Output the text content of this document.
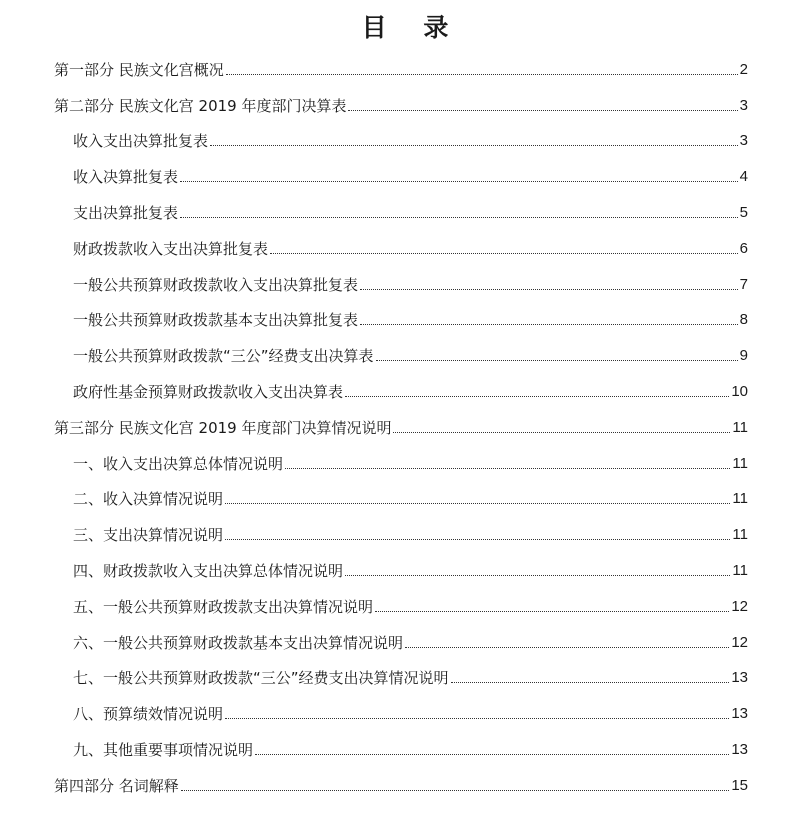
目 录
第一部分 民族文化宫概况	2
第二部分 民族文化宫 2019 年度部门决算表	3
收入支出决算批复表	3
收入决算批复表	4
支出决算批复表	5
财政拨款收入支出决算批复表	6
一般公共预算财政拨款收入支出决算批复表	7
一般公共预算财政拨款基本支出决算批复表	8
一般公共预算财政拨款“三公”经费支出决算表	9
政府性基金预算财政拨款收入支出决算表	10
第三部分 民族文化宫 2019 年度部门决算情况说明	11
一、收入支出决算总体情况说明	11
二、收入决算情况说明	11
三、支出决算情况说明	11
四、财政拨款收入支出决算总体情况说明	11
五、一般公共预算财政拨款支出决算情况说明	12
六、一般公共预算财政拨款基本支出决算情况说明	12
七、一般公共预算财政拨款“三公”经费支出决算情况说明	13
八、预算绩效情况说明	13
九、其他重要事项情况说明	13
第四部分 名词解释	15
